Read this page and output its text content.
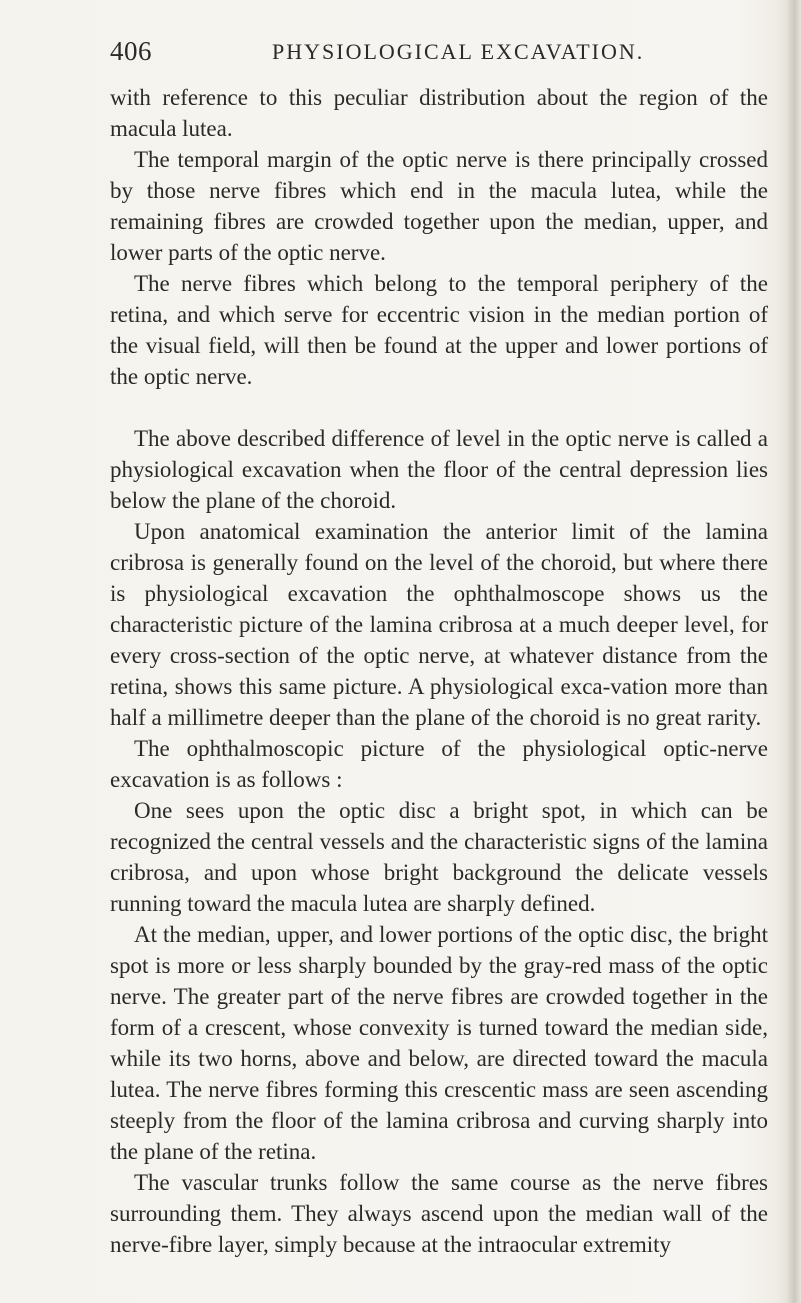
406	PHYSIOLOGICAL EXCAVATION.

with reference to this peculiar distribution about the region of the macula lutea.

The temporal margin of the optic nerve is there principally crossed by those nerve fibres which end in the macula lutea, while the remaining fibres are crowded together upon the median, upper, and lower parts of the optic nerve.

The nerve fibres which belong to the temporal periphery of the retina, and which serve for eccentric vision in the median portion of the visual field, will then be found at the upper and lower portions of the optic nerve.

The above described difference of level in the optic nerve is called a physiological excavation when the floor of the central depression lies below the plane of the choroid.

Upon anatomical examination the anterior limit of the lamina cribrosa is generally found on the level of the choroid, but where there is physiological excavation the ophthalmoscope shows us the characteristic picture of the lamina cribrosa at a much deeper level, for every cross-section of the optic nerve, at whatever distance from the retina, shows this same picture. A physiological exca-vation more than half a millimetre deeper than the plane of the choroid is no great rarity.

The ophthalmoscopic picture of the physiological optic-nerve excavation is as follows :

One sees upon the optic disc a bright spot, in which can be recognized the central vessels and the characteristic signs of the lamina cribrosa, and upon whose bright background the delicate vessels running toward the macula lutea are sharply defined.

At the median, upper, and lower portions of the optic disc, the bright spot is more or less sharply bounded by the gray-red mass of the optic nerve. The greater part of the nerve fibres are crowded together in the form of a crescent, whose convexity is turned toward the median side, while its two horns, above and below, are directed toward the macula lutea. The nerve fibres forming this crescentic mass are seen ascending steeply from the floor of the lamina cribrosa and curving sharply into the plane of the retina.

The vascular trunks follow the same course as the nerve fibres surrounding them. They always ascend upon the median wall of the nerve-fibre layer, simply because at the intraocular extremity
